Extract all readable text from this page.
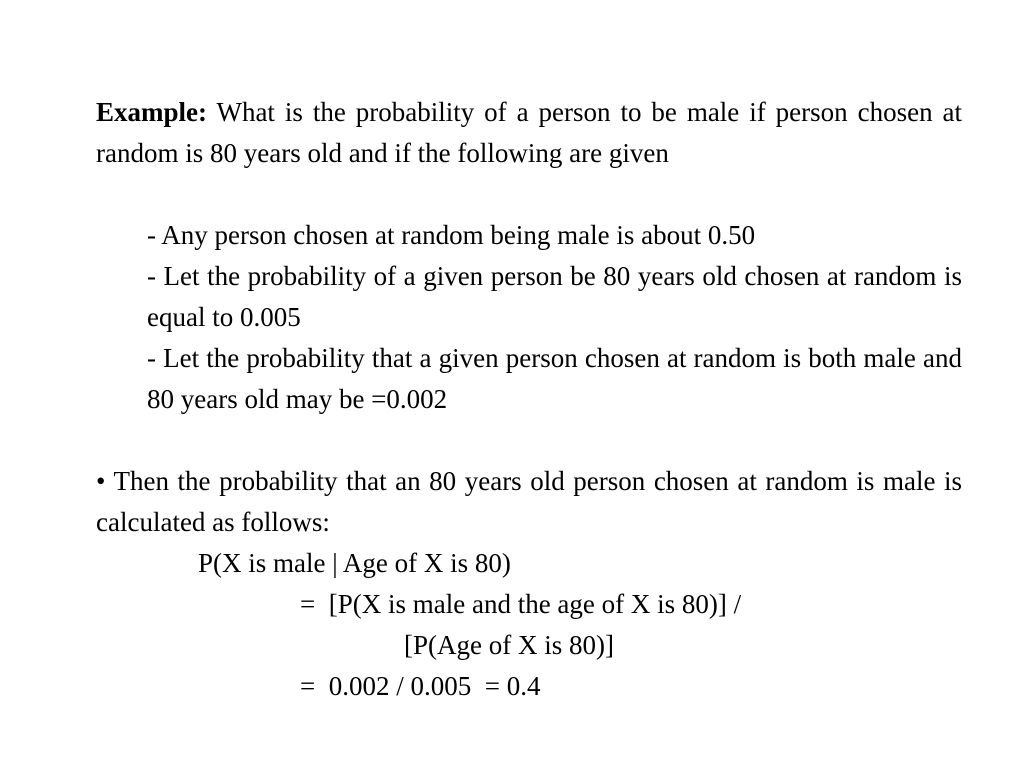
Example: What is the probability of a person to be male if person chosen at random is 80 years old and if the following are given

- Any person chosen at random being male is about 0.50
- Let the probability of a given person be 80 years old chosen at random is equal to 0.005
- Let the probability that a given person chosen at random is both male and 80 years old may be =0.002

• Then the probability that an 80 years old person chosen at random is male is calculated as follows:

P(X is male | Age of X is 80)
=  [P(X is male and the age of X is 80)] /
[P(Age of X is 80)]
=  0.002 / 0.005  = 0.4
